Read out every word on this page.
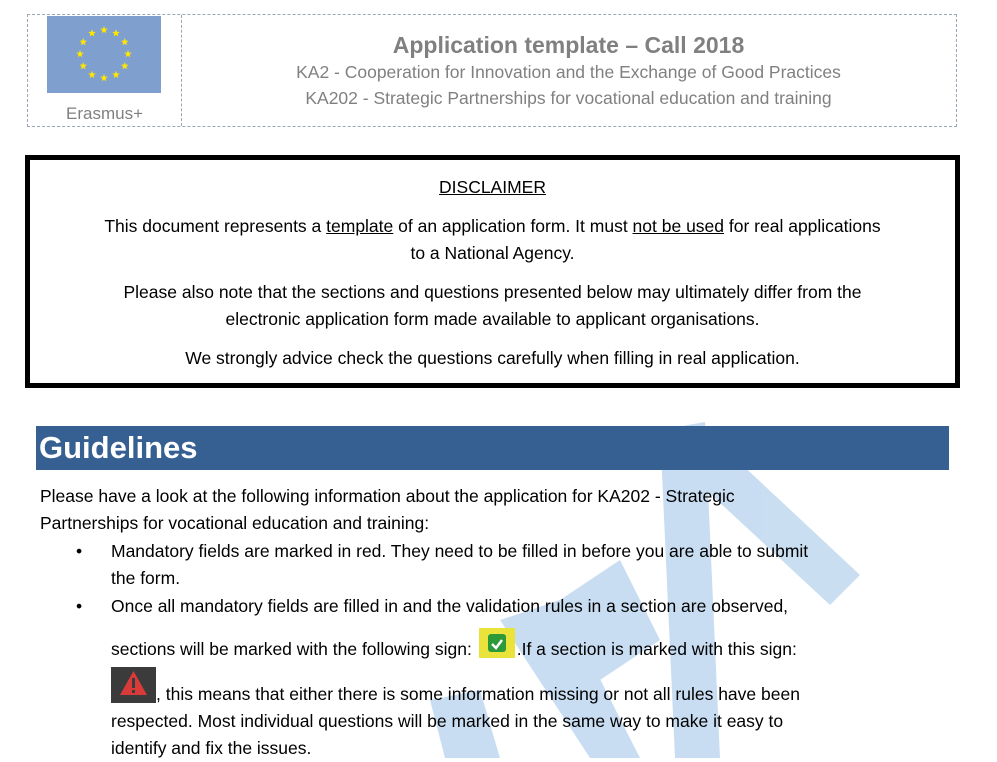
Erasmus+
Application template – Call 2018
KA2 - Cooperation for Innovation and the Exchange of Good Practices
KA202 - Strategic Partnerships for vocational education and training
DISCLAIMER

This document represents a template of an application form. It must not be used for real applications
to a National Agency.

Please also note that the sections and questions presented below may ultimately differ from the
electronic application form made available to applicant organisations.

We strongly advice check the questions carefully when filling in real application.

Guidelines

Please have a look at the following information about the application for KA202 - Strategic
Partnerships for vocational education and training:

• Mandatory fields are marked in red. They need to be filled in before you are able to submit
the form.
• Once all mandatory fields are filled in and the validation rules in a section are observed,
sections will be marked with the following sign:
.If a section is marked with this sign:
, this means that either there is some information missing or not all rules have been
respected. Most individual questions will be marked in the same way to make it easy to
identify and fix the issues.
